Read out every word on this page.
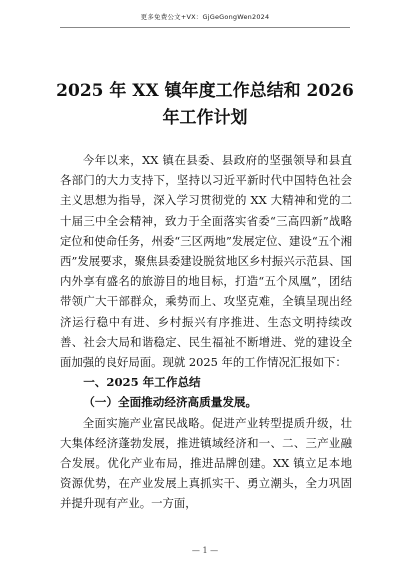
更多免费公文+VX：GjGeGongWen2024
2025 年 XX 镇年度工作总结和 2026 年工作计划

今年以来，XX 镇在县委、县政府的坚强领导和县直各部门的大力支持下，坚持以习近平新时代中国特色社会主义思想为指导，深入学习贯彻党的 XX 大精神和党的二十届三中全会精神，致力于全面落实省委“三高四新”战略定位和使命任务，州委“三区两地”发展定位、建设“五个湘西”发展要求，聚焦县委建设脱贫地区乡村振兴示范县、国内外享有盛名的旅游目的地目标，打造“五个凤凰”，团结带领广大干部群众，乘势而上、攻坚克难，全镇呈现出经济运行稳中有进、乡村振兴有序推进、生态文明持续改善、社会大局和谐稳定、民生福祉不断增进、党的建设全面加强的良好局面。现就 2025 年的工作情况汇报如下：

一、2025 年工作总结
（一）全面推动经济高质量发展。

全面实施产业富民战略。促进产业转型提质升级，壮大集体经济蓬勃发展，推进镇域经济和一、二、三产业融合发展。优化产业布局，推进品牌创建。XX 镇立足本地资源优势，在产业发展上真抓实干、勇立潮头，全力巩固并提升现有产业。一方面，

— 1 —
